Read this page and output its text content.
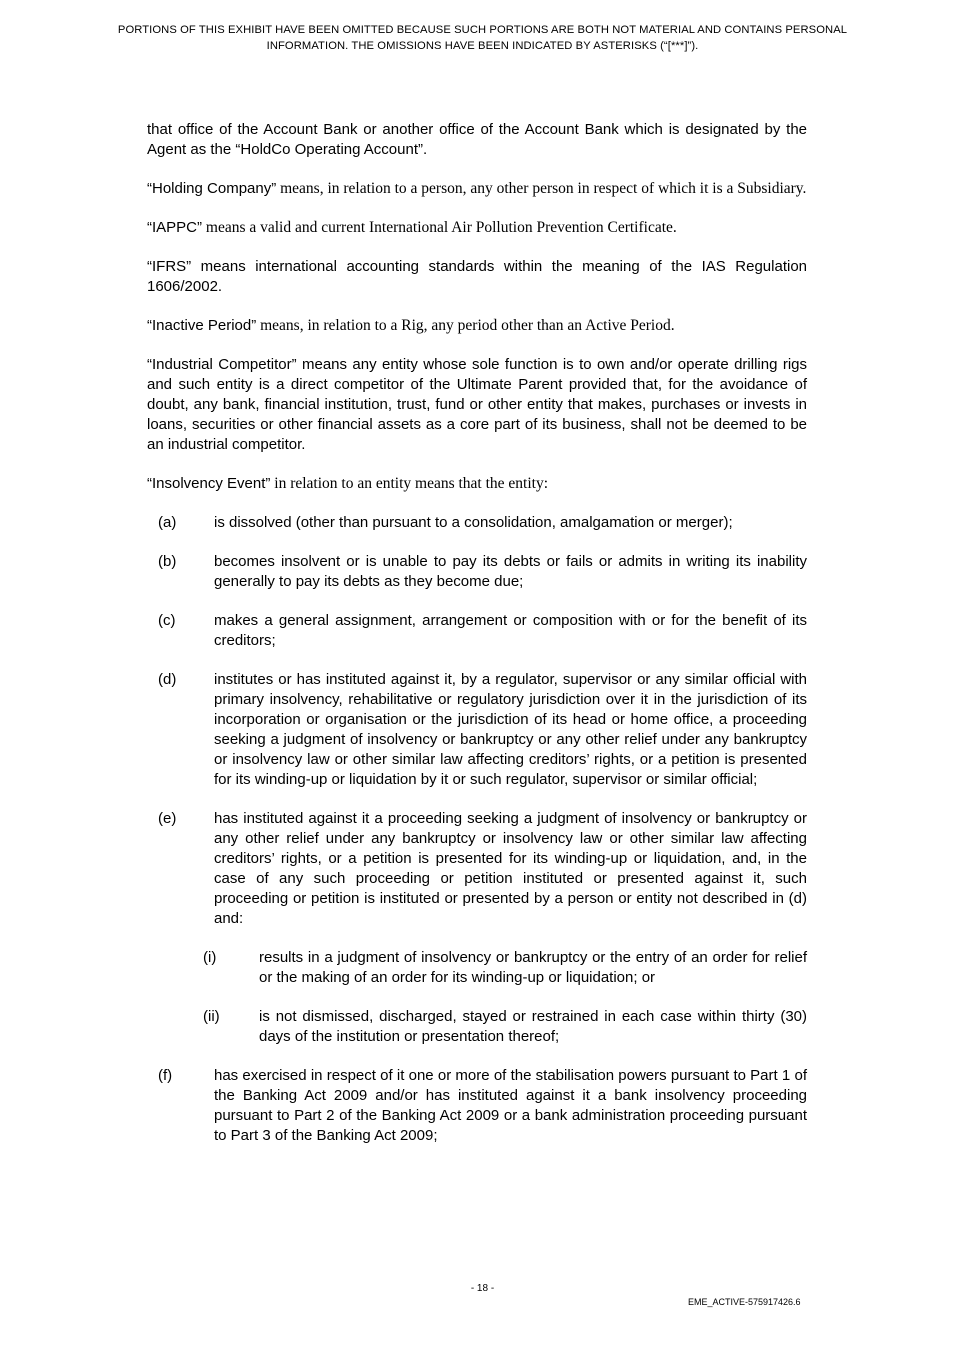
PORTIONS OF THIS EXHIBIT HAVE BEEN OMITTED BECAUSE SUCH PORTIONS ARE BOTH NOT MATERIAL AND CONTAINS PERSONAL INFORMATION. THE OMISSIONS HAVE BEEN INDICATED BY ASTERISKS (“[***]”).

that office of the Account Bank or another office of the Account Bank which is designated by the Agent as the “HoldCo Operating Account”.

“Holding Company” means, in relation to a person, any other person in respect of which it is a Subsidiary.

“IAPPC” means a valid and current International Air Pollution Prevention Certificate.

“IFRS” means international accounting standards within the meaning of the IAS Regulation 1606/2002.

“Inactive Period” means, in relation to a Rig, any period other than an Active Period.

“Industrial Competitor” means any entity whose sole function is to own and/or operate drilling rigs and such entity is a direct competitor of the Ultimate Parent provided that, for the avoidance of doubt, any bank, financial institution, trust, fund or other entity that makes, purchases or invests in loans, securities or other financial assets as a core part of its business, shall not be deemed to be an industrial competitor.

“Insolvency Event” in relation to an entity means that the entity:

(a)	is dissolved (other than pursuant to a consolidation, amalgamation or merger);
(b)	becomes insolvent or is unable to pay its debts or fails or admits in writing its inability generally to pay its debts as they become due;
(c)	makes a general assignment, arrangement or composition with or for the benefit of its creditors;
(d)	institutes or has instituted against it, by a regulator, supervisor or any similar official with primary insolvency, rehabilitative or regulatory jurisdiction over it in the jurisdiction of its incorporation or organisation or the jurisdiction of its head or home office, a proceeding seeking a judgment of insolvency or bankruptcy or any other relief under any bankruptcy or insolvency law or other similar law affecting creditors’ rights, or a petition is presented for its winding-up or liquidation by it or such regulator, supervisor or similar official;
(e)	has instituted against it a proceeding seeking a judgment of insolvency or bankruptcy or any other relief under any bankruptcy or insolvency law or other similar law affecting creditors’ rights, or a petition is presented for its winding-up or liquidation, and, in the case of any such proceeding or petition instituted or presented against it, such proceeding or petition is instituted or presented by a person or entity not described in (d) and:
(i)	results in a judgment of insolvency or bankruptcy or the entry of an order for relief or the making of an order for its winding-up or liquidation; or
(ii)	is not dismissed, discharged, stayed or restrained in each case within thirty (30) days of the institution or presentation thereof;
(f)	has exercised in respect of it one or more of the stabilisation powers pursuant to Part 1 of the Banking Act 2009 and/or has instituted against it a bank insolvency proceeding pursuant to Part 2 of the Banking Act 2009 or a bank administration proceeding pursuant to Part 3 of the Banking Act 2009;
- 18 -
EME_ACTIVE-575917426.6
